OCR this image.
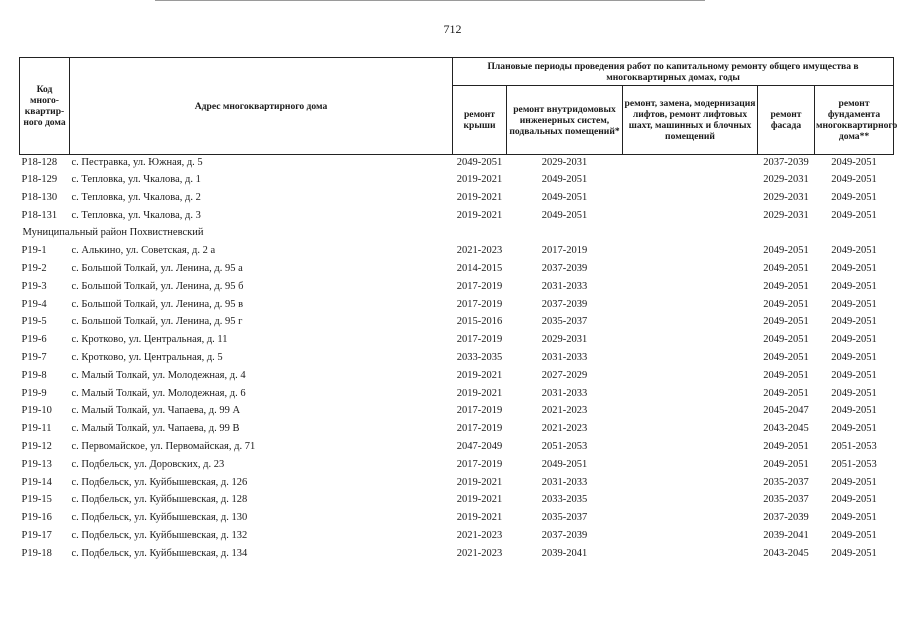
712
Код много-квартир-ного дома	Адрес многоквартирного дома	Плановые периоды проведения работ по капитальному ремонту общего имущества в многоквартирных домах, годы				
		ремонт крыши	ремонт внутридомовых инженерных систем, подвальных помещений*	ремонт, замена, модернизация лифтов, ремонт лифтовых шахт, машинных и блочных помещений	ремонт фасада	ремонт фундамента многоквартирного дома**
Р18-128	с. Пестравка, ул. Южная, д. 5	2049-2051	2029-2031		2037-2039	2049-2051
Р18-129	с. Тепловка, ул. Чкалова, д. 1	2019-2021	2049-2051		2029-2031	2049-2051
Р18-130	с. Тепловка, ул. Чкалова, д. 2	2019-2021	2049-2051		2029-2031	2049-2051
Р18-131	с. Тепловка, ул. Чкалова, д. 3	2019-2021	2049-2051		2029-2031	2049-2051
Муниципальный район Похвистневский						
Р19-1	с. Алькино, ул. Советская, д. 2 а	2021-2023	2017-2019		2049-2051	2049-2051
Р19-2	с. Большой Толкай, ул. Ленина, д. 95 а	2014-2015	2037-2039		2049-2051	2049-2051
Р19-3	с. Большой Толкай, ул. Ленина, д. 95 б	2017-2019	2031-2033		2049-2051	2049-2051
Р19-4	с. Большой Толкай, ул. Ленина, д. 95 в	2017-2019	2037-2039		2049-2051	2049-2051
Р19-5	с. Большой Толкай, ул. Ленина, д. 95 г	2015-2016	2035-2037		2049-2051	2049-2051
Р19-6	с. Кротково, ул. Центральная, д. 11	2017-2019	2029-2031		2049-2051	2049-2051
Р19-7	с. Кротково, ул. Центральная, д. 5	2033-2035	2031-2033		2049-2051	2049-2051
Р19-8	с. Малый Толкай, ул. Молодежная, д. 4	2019-2021	2027-2029		2049-2051	2049-2051
Р19-9	с. Малый Толкай, ул. Молодежная, д. 6	2019-2021	2031-2033		2049-2051	2049-2051
Р19-10	с. Малый Толкай, ул. Чапаева, д. 99 А	2017-2019	2021-2023		2045-2047	2049-2051
Р19-11	с. Малый Толкай, ул. Чапаева, д. 99 В	2017-2019	2021-2023		2043-2045	2049-2051
Р19-12	с. Первомайское, ул. Первомайская, д. 71	2047-2049	2051-2053		2049-2051	2051-2053
Р19-13	с. Подбельск, ул. Доровских, д. 23	2017-2019	2049-2051		2049-2051	2051-2053
Р19-14	с. Подбельск, ул. Куйбышевская, д. 126	2019-2021	2031-2033		2035-2037	2049-2051
Р19-15	с. Подбельск, ул. Куйбышевская, д. 128	2019-2021	2033-2035		2035-2037	2049-2051
Р19-16	с. Подбельск, ул. Куйбышевская, д. 130	2019-2021	2035-2037		2037-2039	2049-2051
Р19-17	с. Подбельск, ул. Куйбышевская, д. 132	2021-2023	2037-2039		2039-2041	2049-2051
Р19-18	с. Подбельск, ул. Куйбышевская, д. 134	2021-2023	2039-2041		2043-2045	2049-2051
